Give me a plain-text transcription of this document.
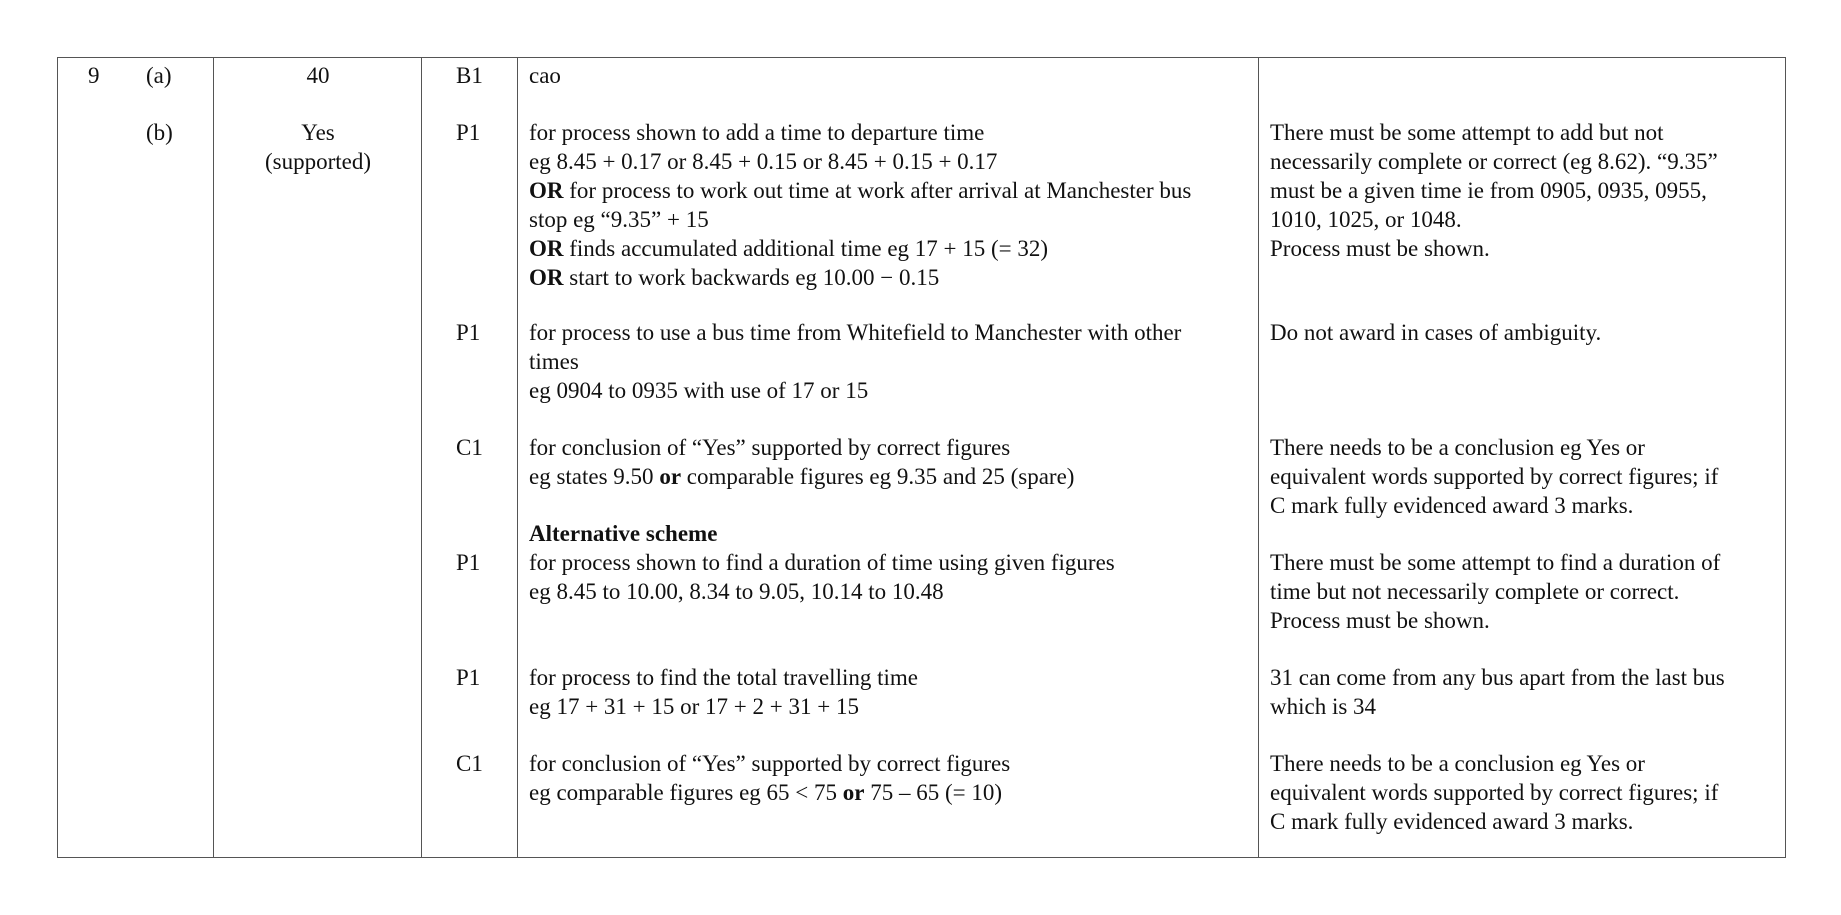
9 (a)
(b)
40
Yes
(supported)
B1 cao
P1 for process shown to add a time to departure time
eg 8.45 + 0.17 or 8.45 + 0.15 or 8.45 + 0.15 + 0.17
OR for process to work out time at work after arrival at Manchester bus
stop eg “9.35” + 15
OR finds accumulated additional time eg 17 + 15 (= 32)
OR start to work backwards eg 10.00 − 0.15
There must be some attempt to add but not
necessarily complete or correct (eg 8.62). “9.35”
must be a given time ie from 0905, 0935, 0955,
1010, 1025, or 1048.
Process must be shown.
P1 for process to use a bus time from Whitefield to Manchester with other
times
eg 0904 to 0935 with use of 17 or 15
Do not award in cases of ambiguity.
C1 for conclusion of “Yes” supported by correct figures
eg states 9.50 or comparable figures eg 9.35 and 25 (spare)
There needs to be a conclusion eg Yes or
equivalent words supported by correct figures; if
C mark fully evidenced award 3 marks.
Alternative scheme
P1 for process shown to find a duration of time using given figures
eg 8.45 to 10.00, 8.34 to 9.05, 10.14 to 10.48
There must be some attempt to find a duration of
time but not necessarily complete or correct.
Process must be shown.
P1 for process to find the total travelling time
eg 17 + 31 + 15 or 17 + 2 + 31 + 15
31 can come from any bus apart from the last bus
which is 34
C1 for conclusion of “Yes” supported by correct figures
eg comparable figures eg 65 < 75 or 75 – 65 (= 10)
There needs to be a conclusion eg Yes or
equivalent words supported by correct figures; if
C mark fully evidenced award 3 marks.
